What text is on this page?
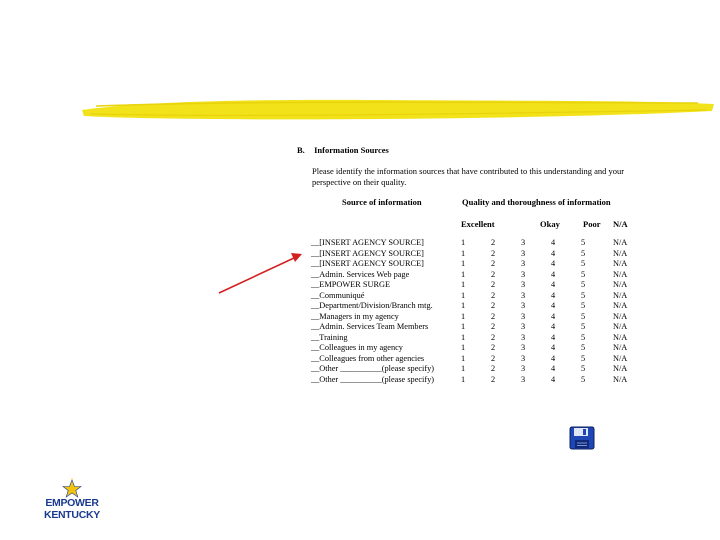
B. Information Sources
Please identify the information sources that have contributed to this understanding and your perspective on their quality.
Source of information	Quality and thoroughness of information
Excellent	Okay	Poor N/A
__[INSERT AGENCY SOURCE]	1	2	3	4	5	N/A
__[INSERT AGENCY SOURCE]	1	2	3	4	5	N/A
__[INSERT AGENCY SOURCE]	1	2	3	4	5	N/A
__Admin. Services Web page	1	2	3	4	5	N/A
__EMPOWER SURGE	1	2	3	4	5	N/A
__Communiqué	1	2	3	4	5	N/A
__Department/Division/Branch mtg.	1	2	3	4	5	N/A
__Managers in my agency	1	2	3	4	5	N/A
__Admin. Services Team Members	1	2	3	4	5	N/A
__Training	1	2	3	4	5	N/A
__Colleagues in my agency	1	2	3	4	5	N/A
__Colleagues from other agencies	1	2	3	4	5	N/A
__Other __________(please specify)	1	2	3	4	5	N/A
__Other __________(please specify)	1	2	3	4	5	N/A
EMPOWER
KENTUCKY
